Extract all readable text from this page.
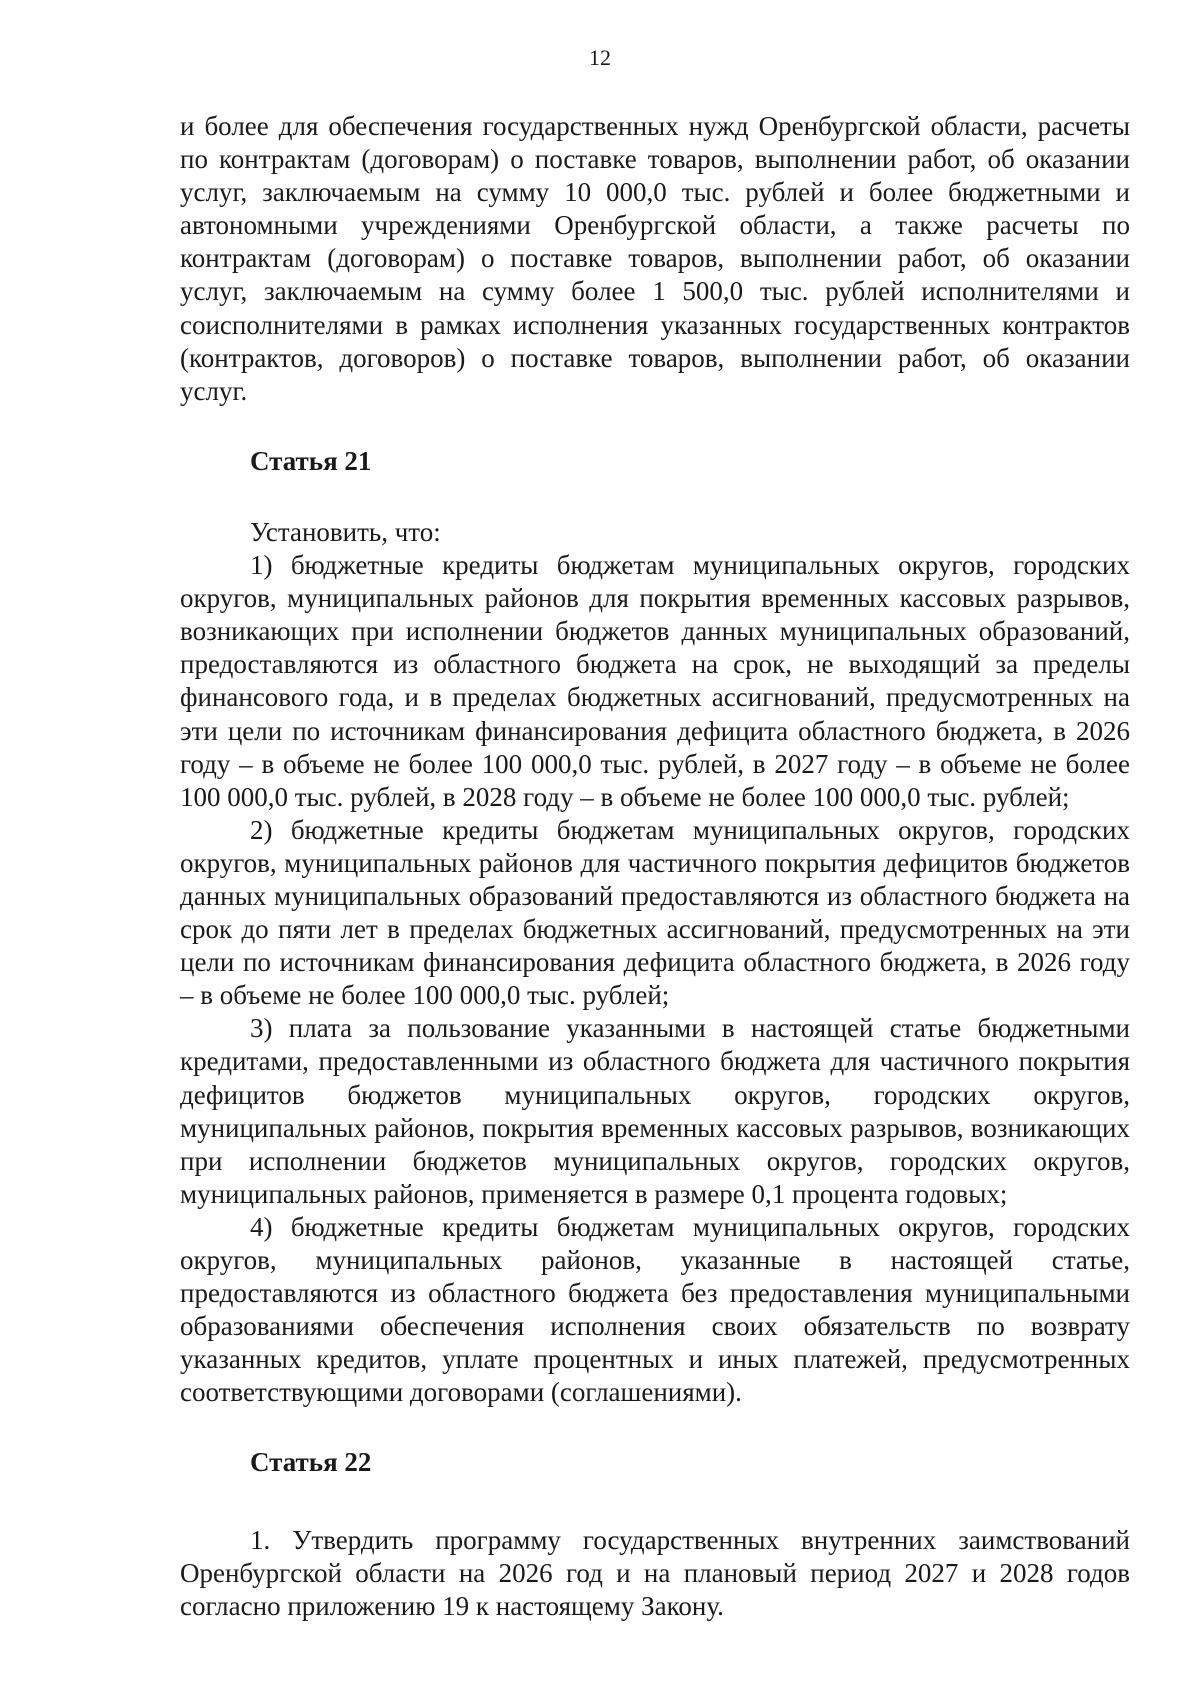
12

и более для обеспечения государственных нужд Оренбургской области, расчеты по контрактам (договорам) о поставке товаров, выполнении работ, об оказании услуг, заключаемым на сумму 10 000,0 тыс. рублей и более бюджетными и автономными учреждениями Оренбургской области, а также расчеты по контрактам (договорам) о поставке товаров, выполнении работ, об оказании услуг, заключаемым на сумму более 1 500,0 тыс. рублей исполнителями и соисполнителями в рамках исполнения указанных государственных контрактов (контрактов, договоров) о поставке товаров, выполнении работ, об оказании услуг.

Статья 21

Установить, что:

1) бюджетные кредиты бюджетам муниципальных округов, городских округов, муниципальных районов для покрытия временных кассовых разрывов, возникающих при исполнении бюджетов данных муниципальных образований, предоставляются из областного бюджета на срок, не выходящий за пределы финансового года, и в пределах бюджетных ассигнований, предусмотренных на эти цели по источникам финансирования дефицита областного бюджета, в 2026 году – в объеме не более 100 000,0 тыс. рублей, в 2027 году – в объеме не более 100 000,0 тыс. рублей, в 2028 году – в объеме не более 100 000,0 тыс. рублей;

2) бюджетные кредиты бюджетам муниципальных округов, городских округов, муниципальных районов для частичного покрытия дефицитов бюджетов данных муниципальных образований предоставляются из областного бюджета на срок до пяти лет в пределах бюджетных ассигнований, предусмотренных на эти цели по источникам финансирования дефицита областного бюджета, в 2026 году – в объеме не более 100 000,0 тыс. рублей;

3) плата за пользование указанными в настоящей статье бюджетными кредитами, предоставленными из областного бюджета для частичного покрытия дефицитов бюджетов муниципальных округов, городских округов, муниципальных районов, покрытия временных кассовых разрывов, возникающих при исполнении бюджетов муниципальных округов, городских округов, муниципальных районов, применяется в размере 0,1 процента годовых;

4) бюджетные кредиты бюджетам муниципальных округов, городских округов, муниципальных районов, указанные в настоящей статье, предоставляются из областного бюджета без предоставления муниципальными образованиями обеспечения исполнения своих обязательств по возврату указанных кредитов, уплате процентных и иных платежей, предусмотренных соответствующими договорами (соглашениями).

Статья 22

1. Утвердить программу государственных внутренних заимствований Оренбургской области на 2026 год и на плановый период 2027 и 2028 годов согласно приложению 19 к настоящему Закону.
